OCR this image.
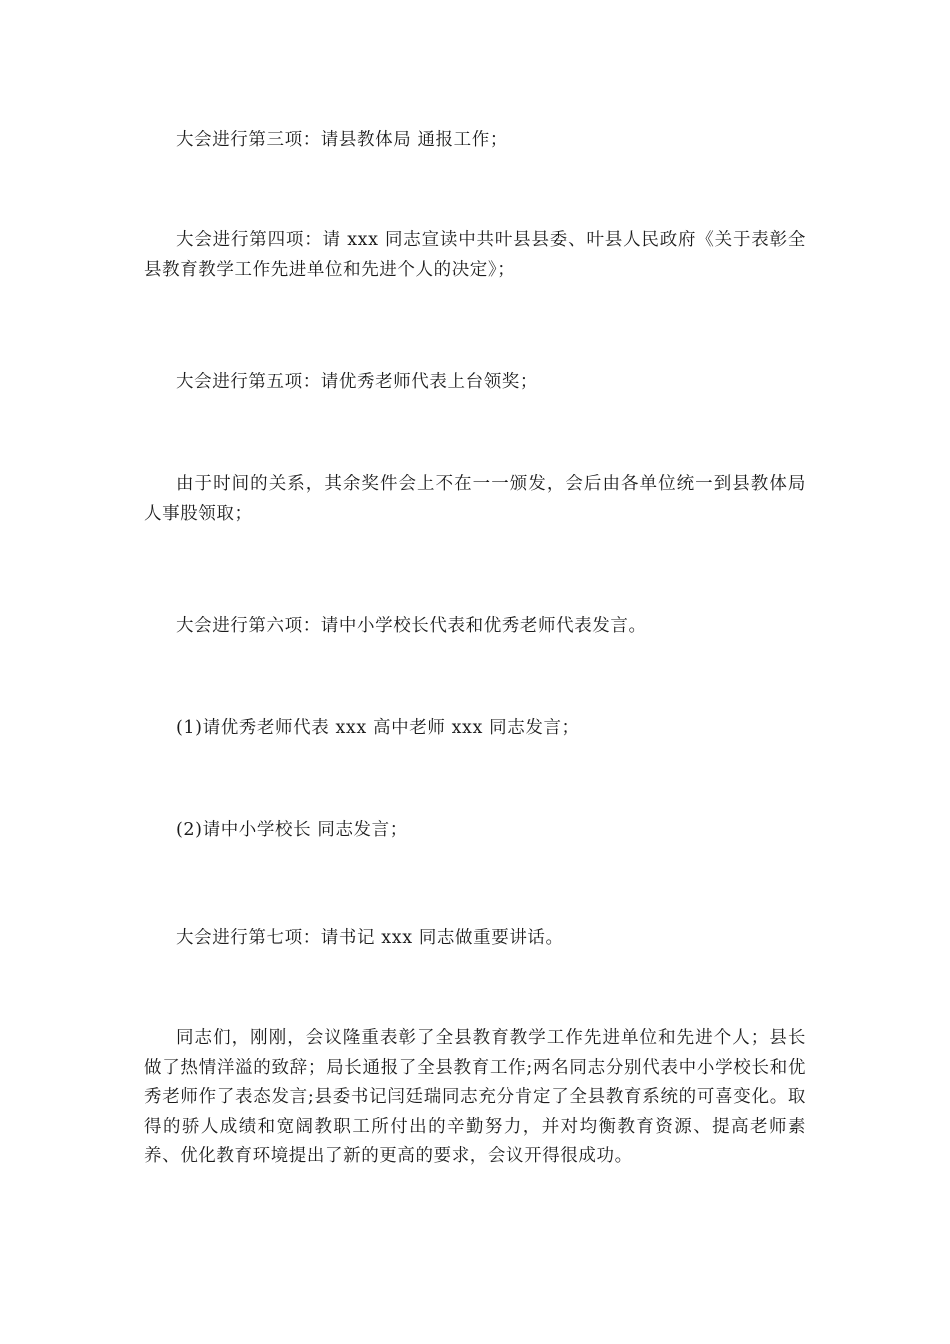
大会进行第三项：请县教体局 通报工作；

大会进行第四项：请 xxx 同志宣读中共叶县县委、叶县人民政府《关于表彰全县教育教学工作先进单位和先进个人的决定》；

大会进行第五项：请优秀老师代表上台领奖；

由于时间的关系，其余奖件会上不在一一颁发，会后由各单位统一到县教体局人事股领取；

大会进行第六项：请中小学校长代表和优秀老师代表发言。

(1)请优秀老师代表 xxx 高中老师 xxx 同志发言；

(2)请中小学校长 同志发言；

大会进行第七项：请书记 xxx 同志做重要讲话。

同志们，刚刚，会议隆重表彰了全县教育教学工作先进单位和先进个人；县长做了热情洋溢的致辞；局长通报了全县教育工作;两名同志分别代表中小学校长和优秀老师作了表态发言;县委书记闫廷瑞同志充分肯定了全县教育系统的可喜变化。取得的骄人成绩和宽阔教职工所付出的辛勤努力，并对均衡教育资源、提高老师素养、优化教育环境提出了新的更高的要求，会议开得很成功。
